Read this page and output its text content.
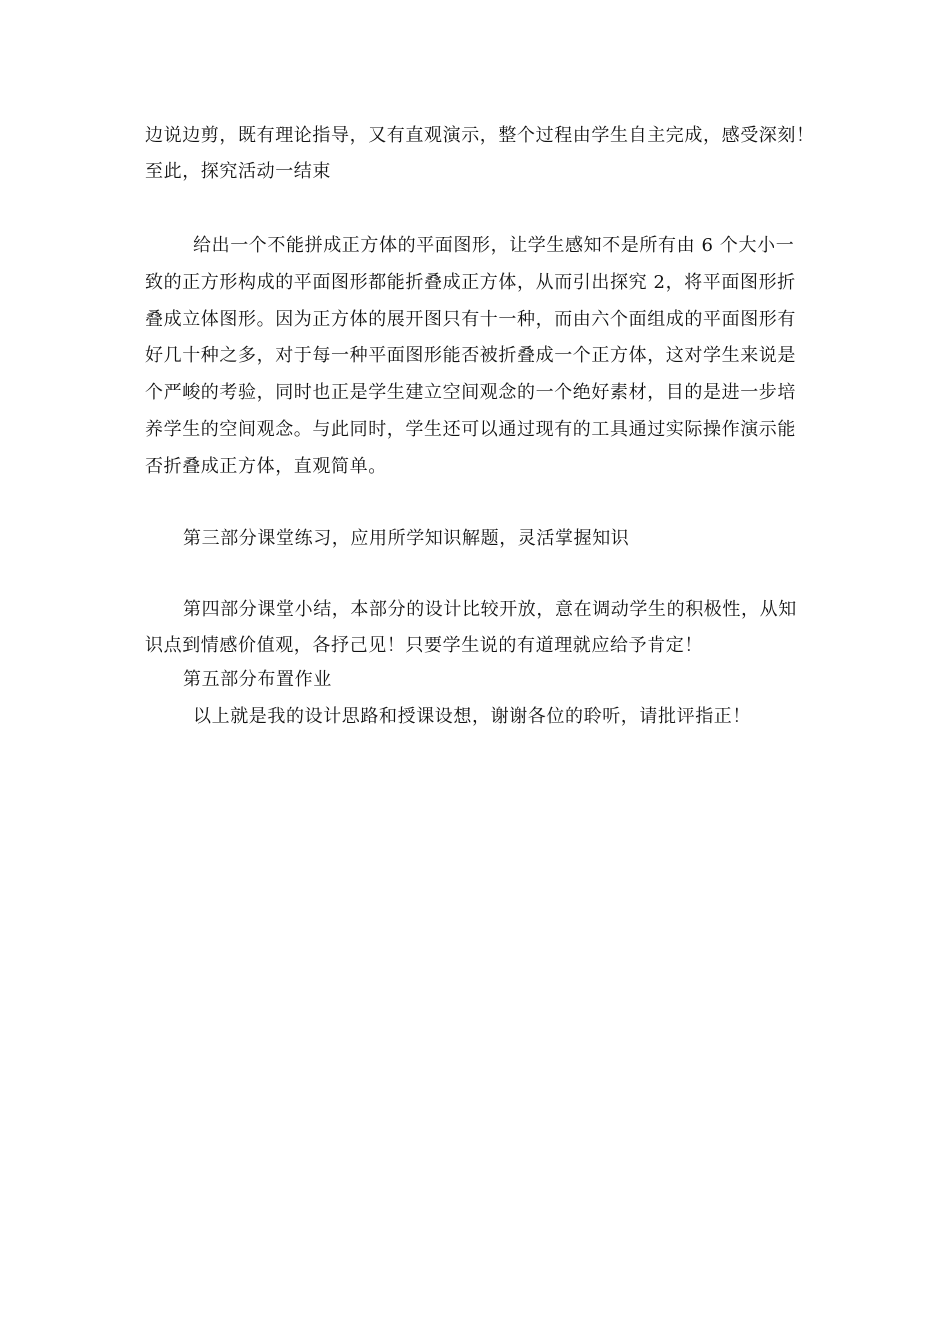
边说边剪，既有理论指导，又有直观演示，整个过程由学生自主完成，感受深刻！
至此，探究活动一结束
给出一个不能拼成正方体的平面图形，让学生感知不是所有由 6 个大小一
致的正方形构成的平面图形都能折叠成正方体，从而引出探究 2，将平面图形折
叠成立体图形。因为正方体的展开图只有十一种，而由六个面组成的平面图形有
好几十种之多，对于每一种平面图形能否被折叠成一个正方体，这对学生来说是
个严峻的考验，同时也正是学生建立空间观念的一个绝好素材，目的是进一步培
养学生的空间观念。与此同时，学生还可以通过现有的工具通过实际操作演示能
否折叠成正方体，直观简单。
第三部分课堂练习，应用所学知识解题，灵活掌握知识
第四部分课堂小结，本部分的设计比较开放，意在调动学生的积极性，从知
识点到情感价值观，各抒己见！只要学生说的有道理就应给予肯定！
第五部分布置作业
以上就是我的设计思路和授课设想，谢谢各位的聆听，请批评指正！
